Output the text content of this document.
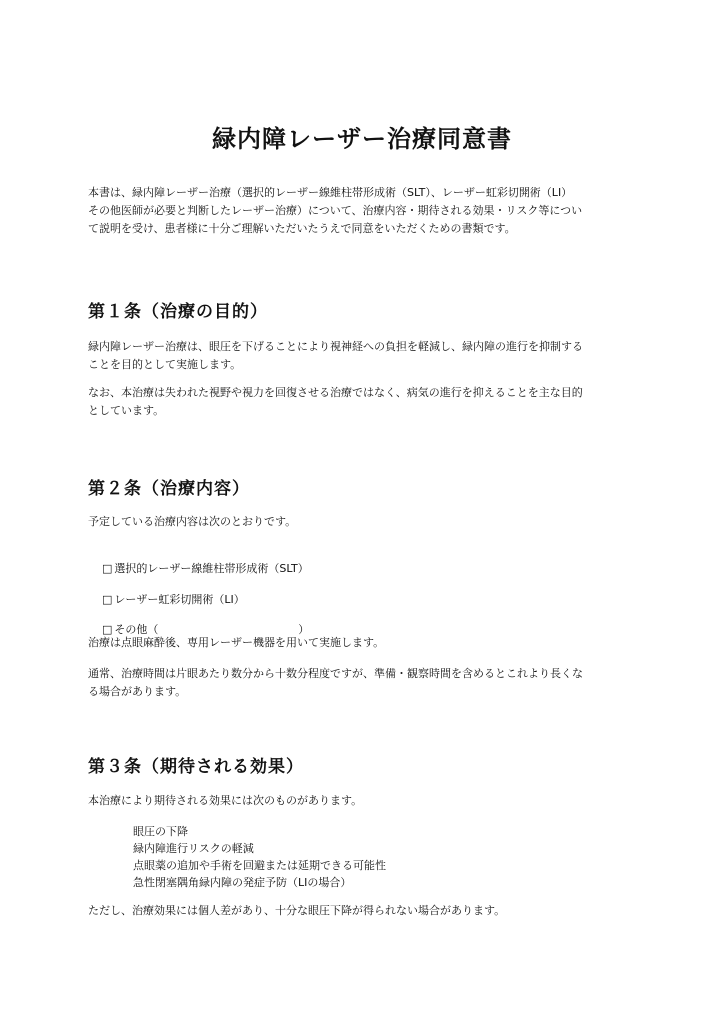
緑内障レーザー治療同意書

本書は、緑内障レーザー治療（選択的レーザー線維柱帯形成術（SLT）、レーザー虹彩切開術（LI）
その他医師が必要と判断したレーザー治療）について、治療内容・期待される効果・リスク等につい
て説明を受け、患者様に十分ご理解いただいたうえで同意をいただくための書類です。

第１条（治療の目的）

緑内障レーザー治療は、眼圧を下げることにより視神経への負担を軽減し、緑内障の進行を抑制する
ことを目的として実施します。

なお、本治療は失われた視野や視力を回復させる治療ではなく、病気の進行を抑えることを主な目的
としています。

第２条（治療内容）

予定している治療内容は次のとおりです。

□ 選択的レーザー線維柱帯形成術（SLT）

□ レーザー虹彩切開術（LI）

□ その他（                                        ）

治療は点眼麻酔後、専用レーザー機器を用いて実施します。

通常、治療時間は片眼あたり数分から十数分程度ですが、準備・観察時間を含めるとこれより長くな
る場合があります。

第３条（期待される効果）

本治療により期待される効果には次のものがあります。

眼圧の下降
緑内障進行リスクの軽減
点眼薬の追加や手術を回避または延期できる可能性
急性閉塞隅角緑内障の発症予防（LIの場合）

ただし、治療効果には個人差があり、十分な眼圧下降が得られない場合があります。
